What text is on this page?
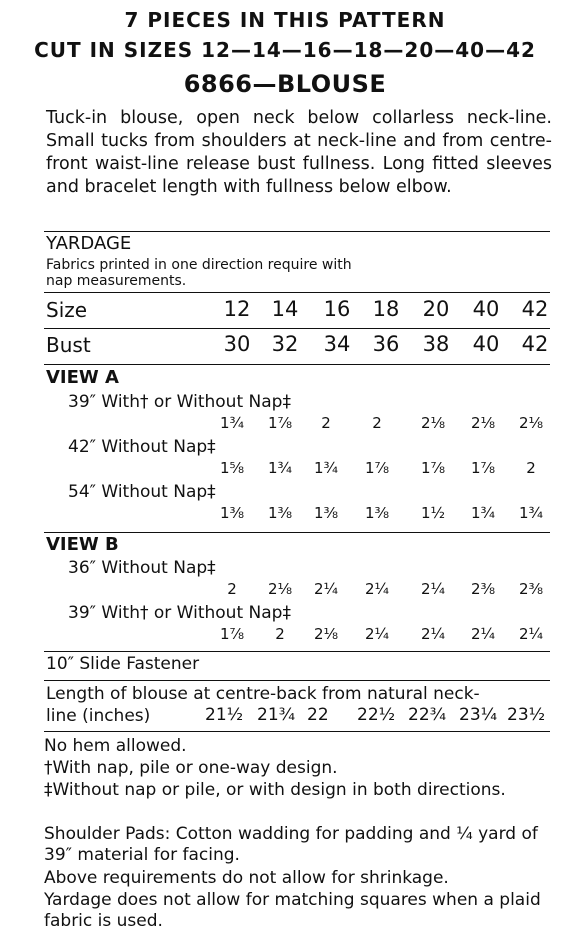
7 PIECES IN THIS PATTERN
CUT IN SIZES 12—14—16—18—20—40—42
6866—BLOUSE

Tuck-in blouse, open neck below collarless neck-line. Small tucks from shoulders at neck-line and from centre-front waist-line release bust fullness. Long fitted sleeves and bracelet length with fullness below elbow.

YARDAGE
Fabrics printed in one direction require with nap measurements.
Size	12	14	16	18	20	40	42
Bust	30	32	34	36	38	40	42
VIEW A
39″ With† or Without Nap‡
1¾	1⅞	2	2	2⅛	2⅛	2⅛
42″ Without Nap‡
1⅝	1¾	1¾	1⅞	1⅞	1⅞	2
54″ Without Nap‡
1⅜	1⅜	1⅜	1⅜	1½	1¾	1¾
VIEW B
36″ Without Nap‡
2	2⅛	2¼	2¼	2¼	2⅜	2⅜
39″ With† or Without Nap‡
1⅞	2	2⅛	2¼	2¼	2¼	2¼
10″ Slide Fastener
Length of blouse at centre-back from natural neck-
line (inches)	21½ 21¾ 22 22½ 22¾ 23¼ 23½
No hem allowed.
†With nap, pile or one-way design.
‡Without nap or pile, or with design in both directions.
Shoulder Pads: Cotton wadding for padding and ¼ yard of 39″ material for facing.
Above requirements do not allow for shrinkage.
Yardage does not allow for matching squares when a plaid fabric is used.
